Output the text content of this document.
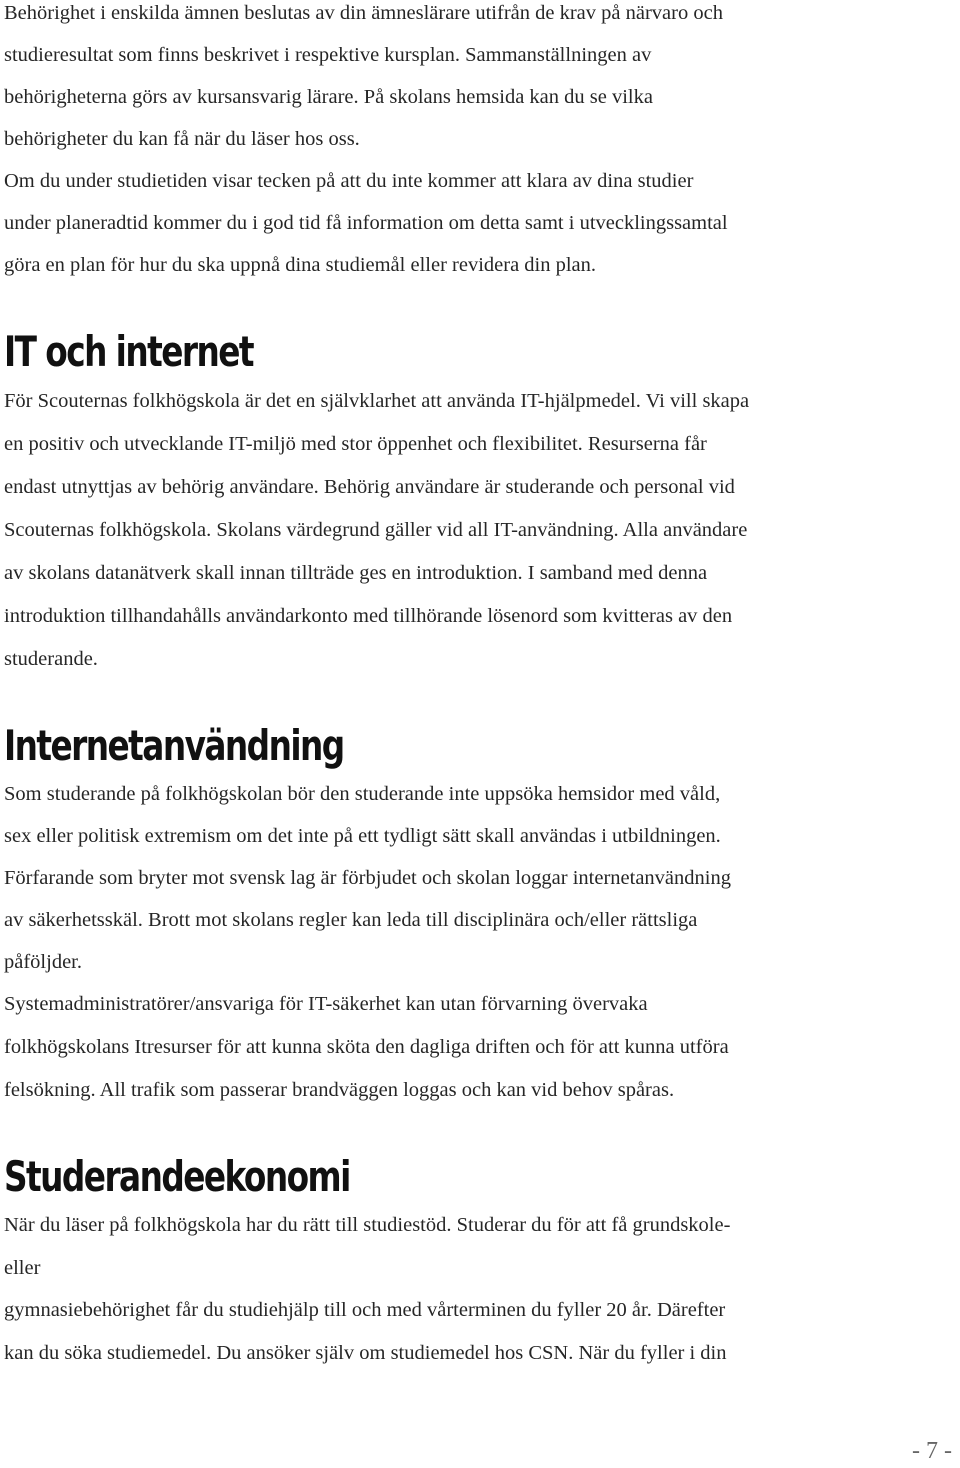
Behörighet i enskilda ämnen beslutas av din ämneslärare utifrån de krav på närvaro och

studieresultat som finns beskrivet i respektive kursplan. Sammanställningen av

behörigheterna görs av kursansvarig lärare. På skolans hemsida kan du se vilka

behörigheter du kan få när du läser hos oss.

Om du under studietiden visar tecken på att du inte kommer att klara av dina studier

under planeradtid kommer du i god tid få information om detta samt i utvecklingssamtal

göra en plan för hur du ska uppnå dina studiemål eller revidera din plan.

IT och internet

För Scouternas folkhögskola är det en självklarhet att använda IT-hjälpmedel. Vi vill skapa

en positiv och utvecklande IT-miljö med stor öppenhet och flexibilitet. Resurserna får

endast utnyttjas av behörig användare. Behörig användare är studerande och personal vid

Scouternas folkhögskola. Skolans värdegrund gäller vid all IT-användning. Alla användare

av skolans datanätverk skall innan tillträde ges en introduktion. I samband med denna

introduktion tillhandahålls användarkonto med tillhörande lösenord som kvitteras av den

studerande.

Internetanvändning

Som studerande på folkhögskolan bör den studerande inte uppsöka hemsidor med våld,

sex eller politisk extremism om det inte på ett tydligt sätt skall användas i utbildningen.

Förfarande som bryter mot svensk lag är förbjudet och skolan loggar internetanvändning

av säkerhetsskäl. Brott mot skolans regler kan leda till disciplinära och/eller rättsliga

påföljder.

Systemadministratörer/ansvariga för IT-säkerhet kan utan förvarning övervaka

folkhögskolans Itresurser för att kunna sköta den dagliga driften och för att kunna utföra

felsökning. All trafik som passerar brandväggen loggas och kan vid behov spåras.

Studerandeekonomi

När du läser på folkhögskola har du rätt till studiestöd. Studerar du för att få grundskole-

eller

gymnasiebehörighet får du studiehjälp till och med vårterminen du fyller 20 år. Därefter

kan du söka studiemedel. Du ansöker själv om studiemedel hos CSN. När du fyller i din

- 7 -
